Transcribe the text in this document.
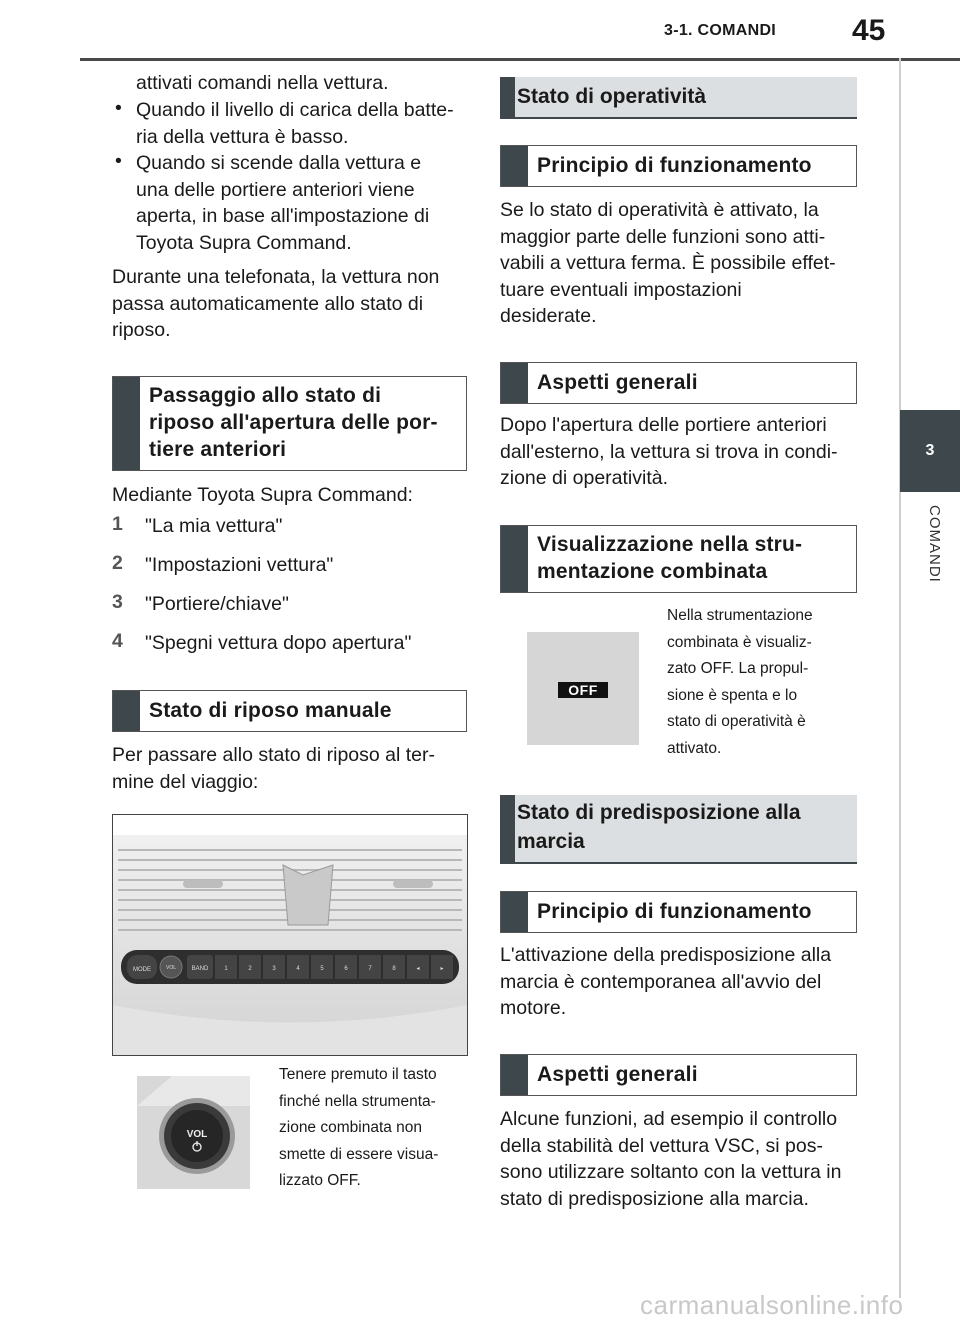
3-1. COMANDI	45
3
COMANDI
attivati comandi nella vettura.
• Quando il livello di carica della batte-
ria della vettura è basso.
• Quando si scende dalla vettura e
una delle portiere anteriori viene
aperta, in base all'impostazione di
Toyota Supra Command.
Durante una telefonata, la vettura non
passa automaticamente allo stato di
riposo.
Passaggio allo stato di
riposo all'apertura delle por-
tiere anteriori
Mediante Toyota Supra Command:
1 "La mia vettura"
2 "Impostazioni vettura"
3 "Portiere/chiave"
4 "Spegni vettura dopo apertura"
Stato di riposo manuale
Per passare allo stato di riposo al ter-
mine del viaggio:
MODE	VOL	BAND	1	2	3	4	5	6	7	8	◂	▸
VOL
Tenere premuto il tasto
finché nella strumenta-
zione combinata non
smette di essere visua-
lizzato OFF.
Stato di operatività
Principio di funzionamento
Se lo stato di operatività è attivato, la
maggior parte delle funzioni sono atti-
vabili a vettura ferma. È possibile effet-
tuare eventuali impostazioni
desiderate.
Aspetti generali
Dopo l'apertura delle portiere anteriori
dall'esterno, la vettura si trova in condi-
zione di operatività.
Visualizzazione nella stru-
mentazione combinata
OFF
Nella strumentazione
combinata è visualiz-
zato OFF. La propul-
sione è spenta e lo
stato di operatività è
attivato.
Stato di predisposizione alla
marcia
Principio di funzionamento
L'attivazione della predisposizione alla
marcia è contemporanea all'avvio del
motore.
Aspetti generali
Alcune funzioni, ad esempio il controllo
della stabilità del vettura VSC, si pos-
sono utilizzare soltanto con la vettura in
stato di predisposizione alla marcia.
carmanualsonline.info
